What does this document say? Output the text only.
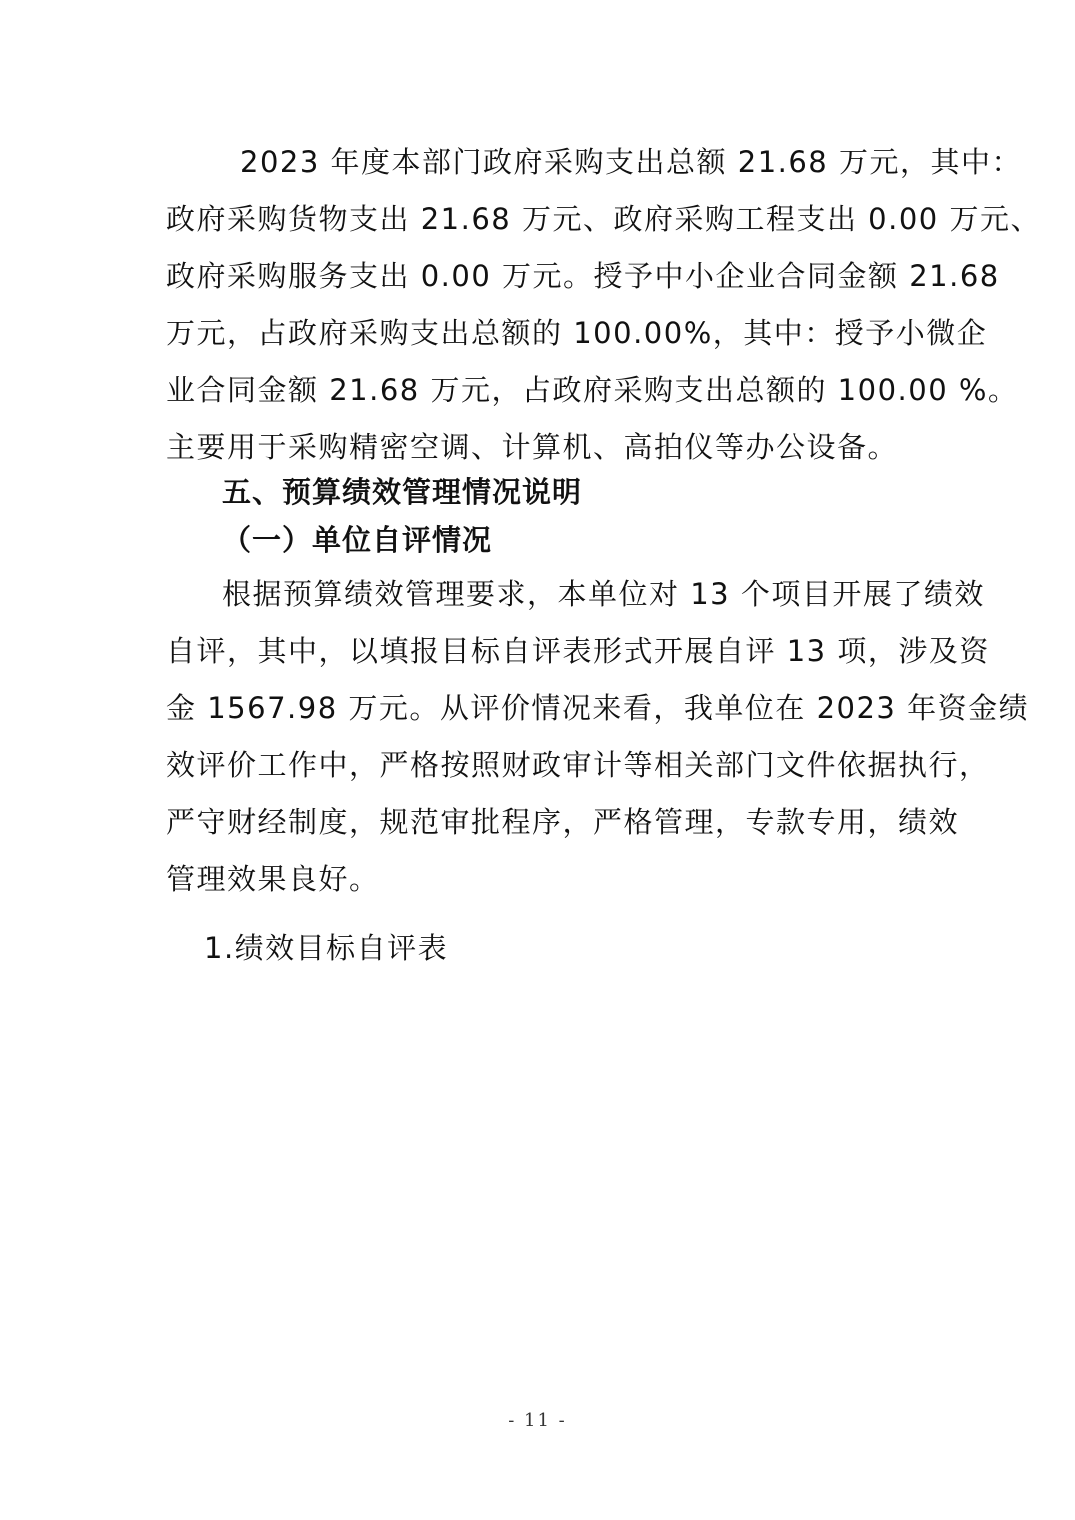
2023 年度本部门政府采购支出总额 21.68 万元，其中：
政府采购货物支出 21.68 万元、政府采购工程支出 0.00 万元、
政府采购服务支出 0.00 万元。授予中小企业合同金额 21.68
万元，占政府采购支出总额的 100.00%，其中：授予小微企
业合同金额 21.68 万元，占政府采购支出总额的 100.00 %。
主要用于采购精密空调、计算机、高拍仪等办公设备。
五、预算绩效管理情况说明
（一）单位自评情况
根据预算绩效管理要求，本单位对 13 个项目开展了绩效
自评，其中，以填报目标自评表形式开展自评 13 项，涉及资
金 1567.98 万元。从评价情况来看，我单位在 2023 年资金绩
效评价工作中，严格按照财政审计等相关部门文件依据执行，
严守财经制度，规范审批程序，严格管理，专款专用，绩效
管理效果良好。
1.绩效目标自评表
- 11 -
